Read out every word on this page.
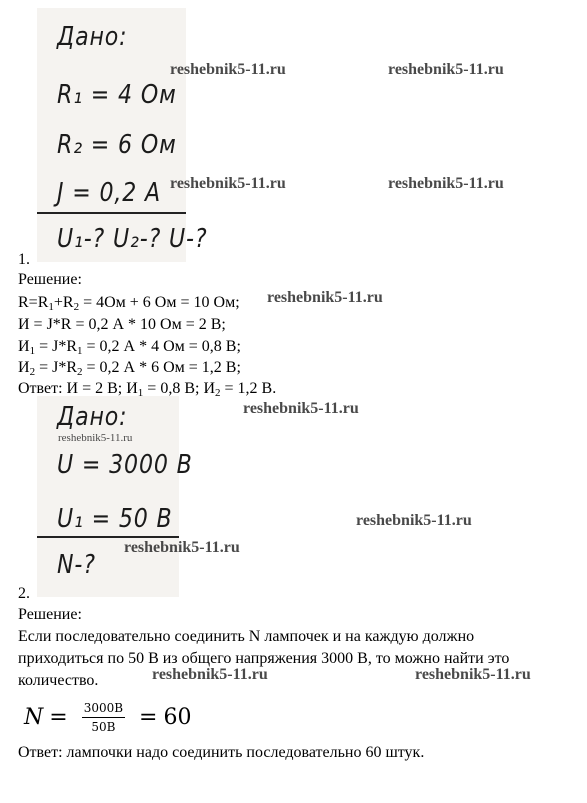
Дано:
R₁ = 4 Ом
R₂ = 6 Ом
J = 0,2 A
U₁-? U₂-? U-?
Дано:
U = 3000 В
U₁ = 50 В
N-?
1.
Решение:
$R=R_1+R_2 = 4Ом + 6$ Ом = 10 Ом;
И = J*R = 0,2 А * 10 Ом = 2 В;
$И_1 = J*R_1 = 0,2$ А * 4 Ом = 0,8 В;
$И_2 = J*R_2 = 0,2$ А * 6 Ом = 1,2 В;
Ответ: И = 2 В; $И_1 = 0,8$ В; $И_2 = 1,2$ В.
2.
Решение:
Если последовательно соединить N лампочек и на каждую должно
приходиться по 50 В из общего напряжения 3000 В, то можно найти это
количество.
$N = \frac{3000В}{50В} = 60$
Ответ: лампочки надо соединить последовательно 60 штук.
reshebnik5-11.ru	reshebnik5-11.ru
reshebnik5-11.ru	reshebnik5-11.ru
reshebnik5-11.ru
reshebnik5-11.ru
reshebnik5-11.ru
reshebnik5-11.ru
reshebnik5-11.ru
reshebnik5-11.ru	reshebnik5-11.ru
